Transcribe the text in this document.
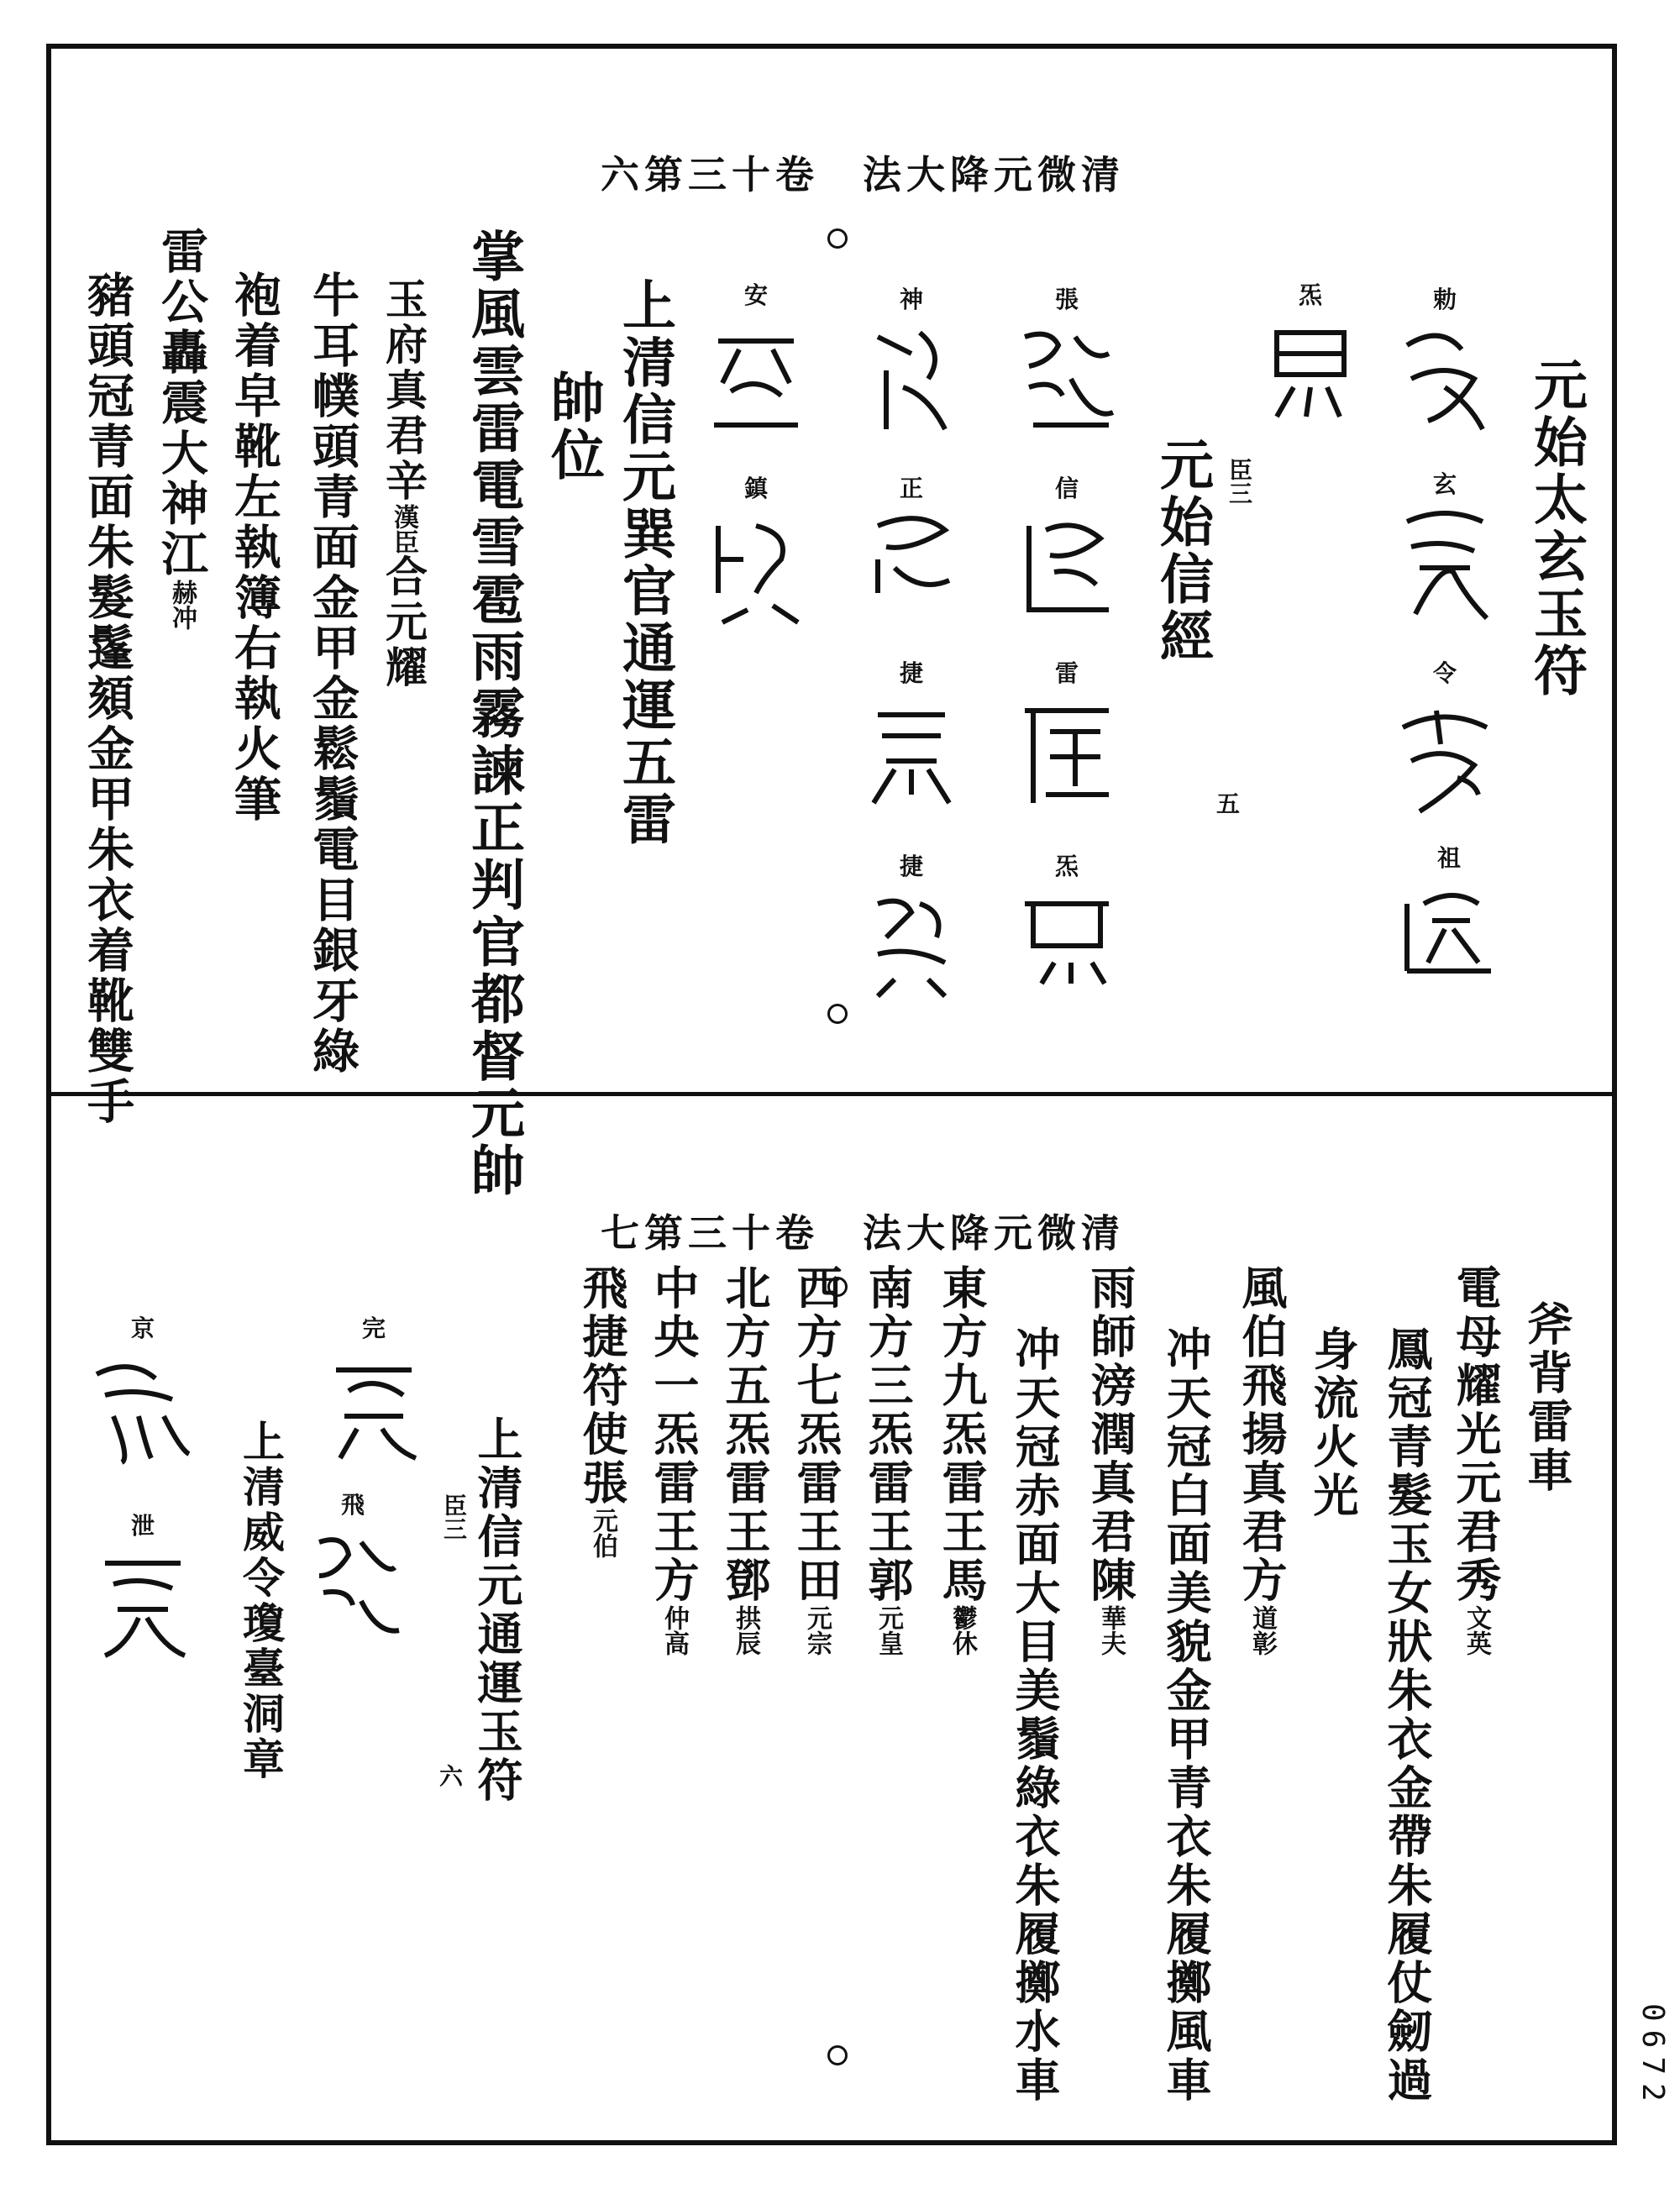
六第三十卷　法大降元微清
元始太玄玉符
元始信經
上清信元巽官通運五雷
帥位
掌風雲雷電雪雹雨霧諫正判官都督元帥
玉府真君辛漢臣合元耀
牛耳幞頭青面金甲金鬆鬚電目銀牙綠
袍着皁靴左執簿右執火筆
雷公轟震大神江赫冲
豬頭冠青面朱髮鬔頦金甲朱衣着靴雙手	臣三
五
勅
玄
令
祖
炁
張
信
雷
炁
神
正
捷
捷
安
鎮
七第三十卷　法大降元微清
斧背雷車
電母耀光元君秀文英
鳳冠青髮玉女狀朱衣金帶朱履仗劒過
身流火光
風伯飛揚真君方道彰
冲天冠白面美貌金甲青衣朱履擲風車
雨師滂潤真君陳華夫
冲天冠赤面大目美鬚綠衣朱履擲水車
東方九炁雷王馬鬱休
南方三炁雷王郭元皇
西方七炁雷王田元宗
北方五炁雷王鄧拱辰
中央一炁雷王方仲高
飛捷符使張元伯
上清信元通運玉符
上清威令瓊臺洞章	臣三
六
完
飛
京
泄
0672
